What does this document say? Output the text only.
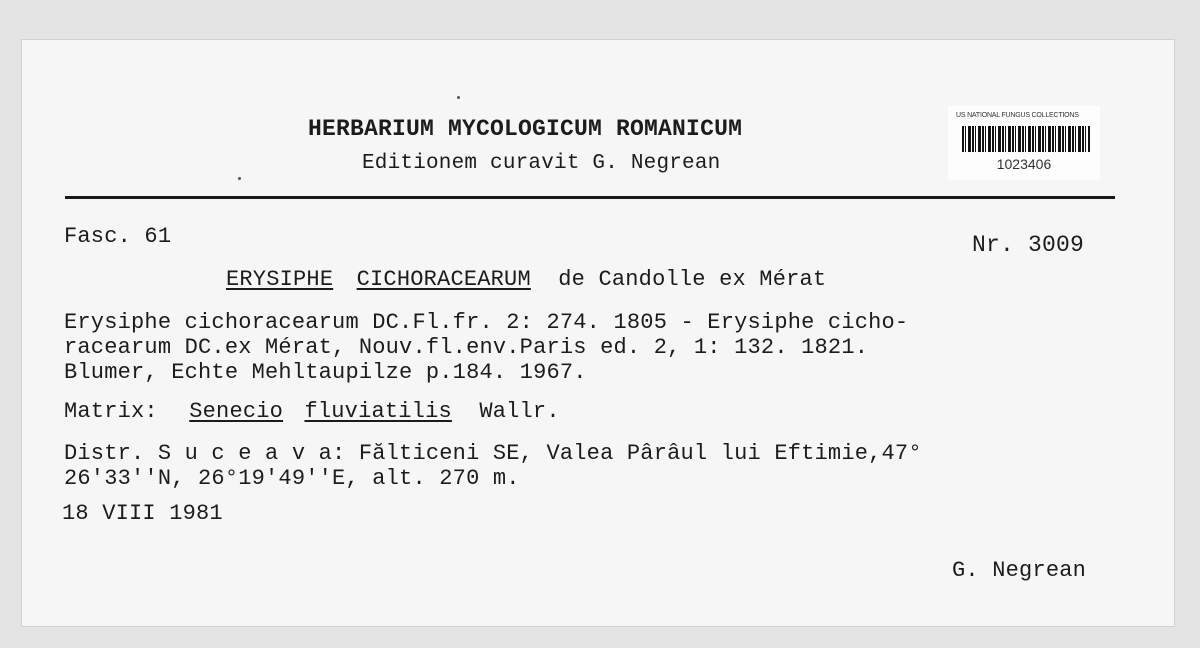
HERBARIUM MYCOLOGICUM ROMANICUM
Editionem curavit G. Negrean
US NATIONAL FUNGUS COLLECTIONS
1023406
Fasc. 61	Nr. 3009
ERYSIPHE CICHORACEARUM de Candolle ex Mérat
Erysiphe cichoracearum DC.Fl.fr. 2: 274. 1805 - Erysiphe cicho-
racearum DC.ex Mérat, Nouv.fl.env.Paris ed. 2, 1: 132. 1821.
Blumer, Echte Mehltaupilze p.184. 1967.
Matrix: Senecio fluviatilis Wallr.
Distr. S u c e a v a: Fălticeni SE, Valea Pârâul lui Eftimie,47°
26'33''N, 26°19'49''E, alt. 270 m.
18 VIII 1981
G. Negrean
